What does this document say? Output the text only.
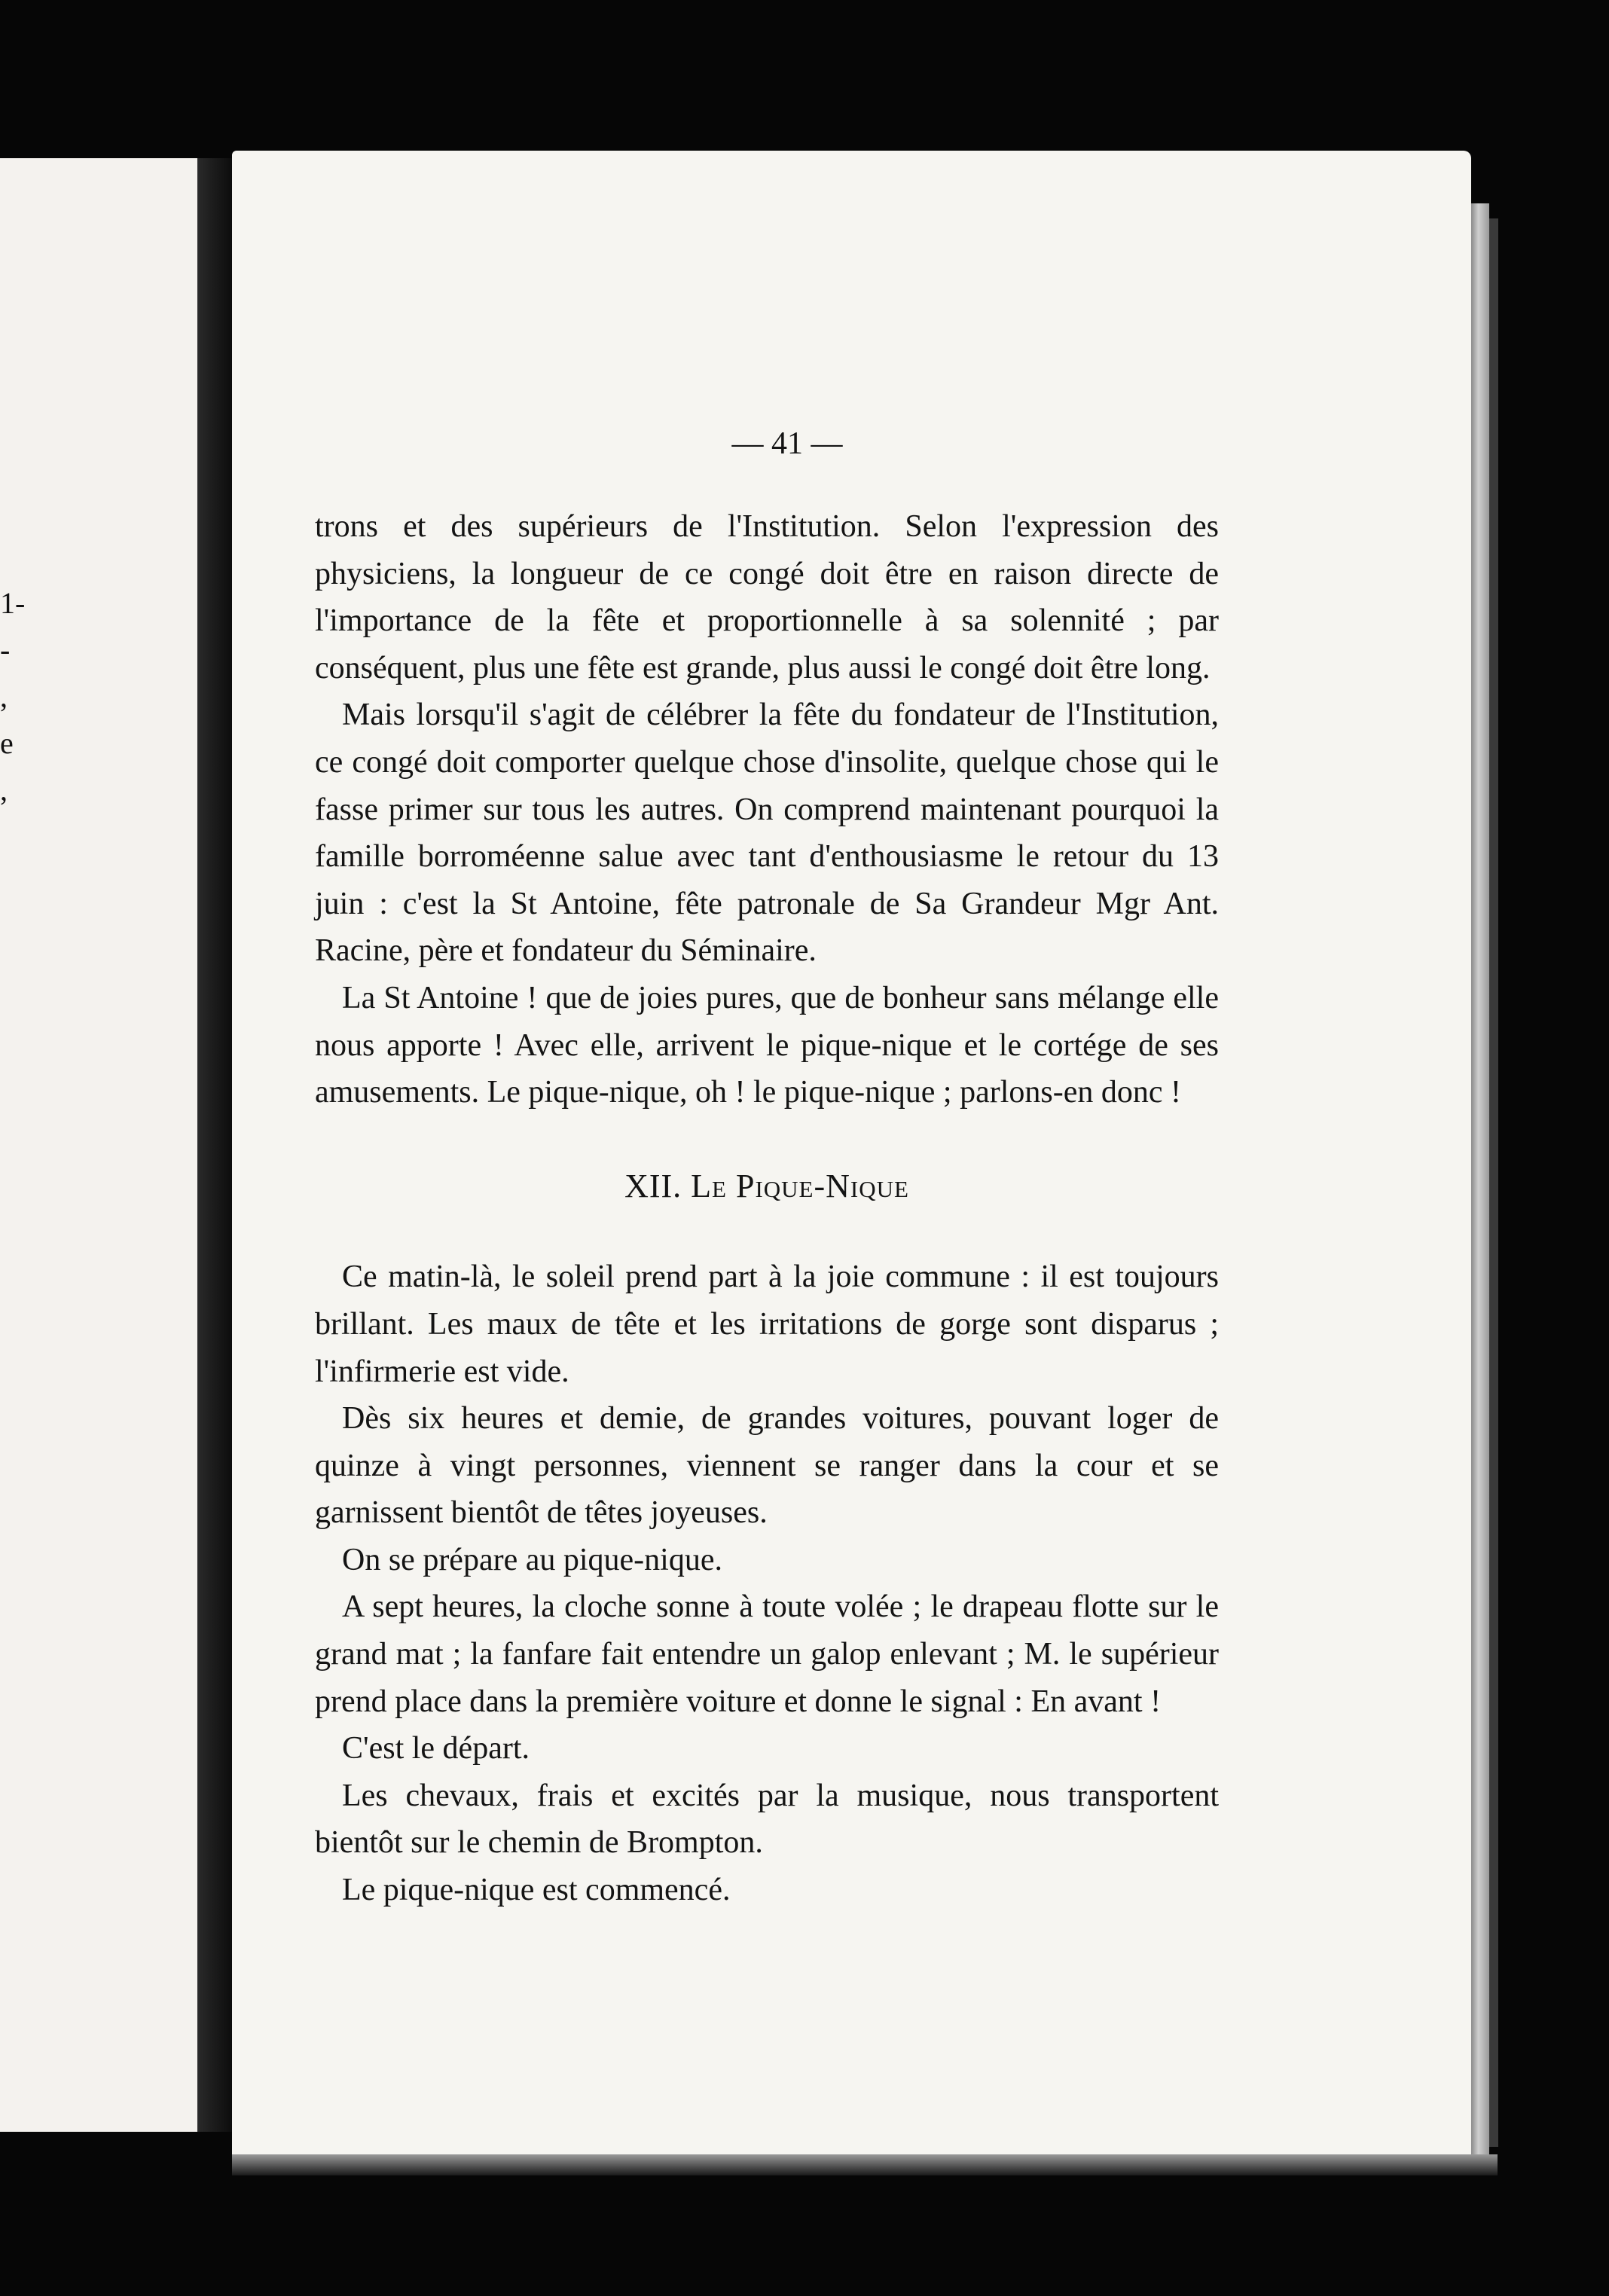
1-
-
,
e
,
— 41 —

trons et des supérieurs de l'Institution. Selon l'expression des physiciens, la longueur de ce congé doit être en raison directe de l'importance de la fête et proportionnelle à sa solennité ; par conséquent, plus une fête est grande, plus aussi le congé doit être long.

Mais lorsqu'il s'agit de célébrer la fête du fondateur de l'Institution, ce congé doit comporter quelque chose d'insolite, quelque chose qui le fasse primer sur tous les autres. On comprend maintenant pourquoi la famille borroméenne salue avec tant d'enthousiasme le retour du 13 juin : c'est la St Antoine, fête patronale de Sa Grandeur Mgr Ant. Racine, père et fondateur du Séminaire.

La St Antoine ! que de joies pures, que de bonheur sans mélange elle nous apporte ! Avec elle, arrivent le pique-nique et le cortége de ses amusements. Le pique-nique, oh ! le pique-nique ; parlons-en donc !

XII. Le Pique-Nique

Ce matin-là, le soleil prend part à la joie commune : il est toujours brillant. Les maux de tête et les irritations de gorge sont disparus ; l'infirmerie est vide.

Dès six heures et demie, de grandes voitures, pouvant loger de quinze à vingt personnes, viennent se ranger dans la cour et se garnissent bientôt de têtes joyeuses.

On se prépare au pique-nique.

A sept heures, la cloche sonne à toute volée ; le drapeau flotte sur le grand mat ; la fanfare fait entendre un galop enlevant ; M. le supérieur prend place dans la première voiture et donne le signal : En avant !

C'est le départ.

Les chevaux, frais et excités par la musique, nous transportent bientôt sur le chemin de Brompton.

Le pique-nique est commencé.
